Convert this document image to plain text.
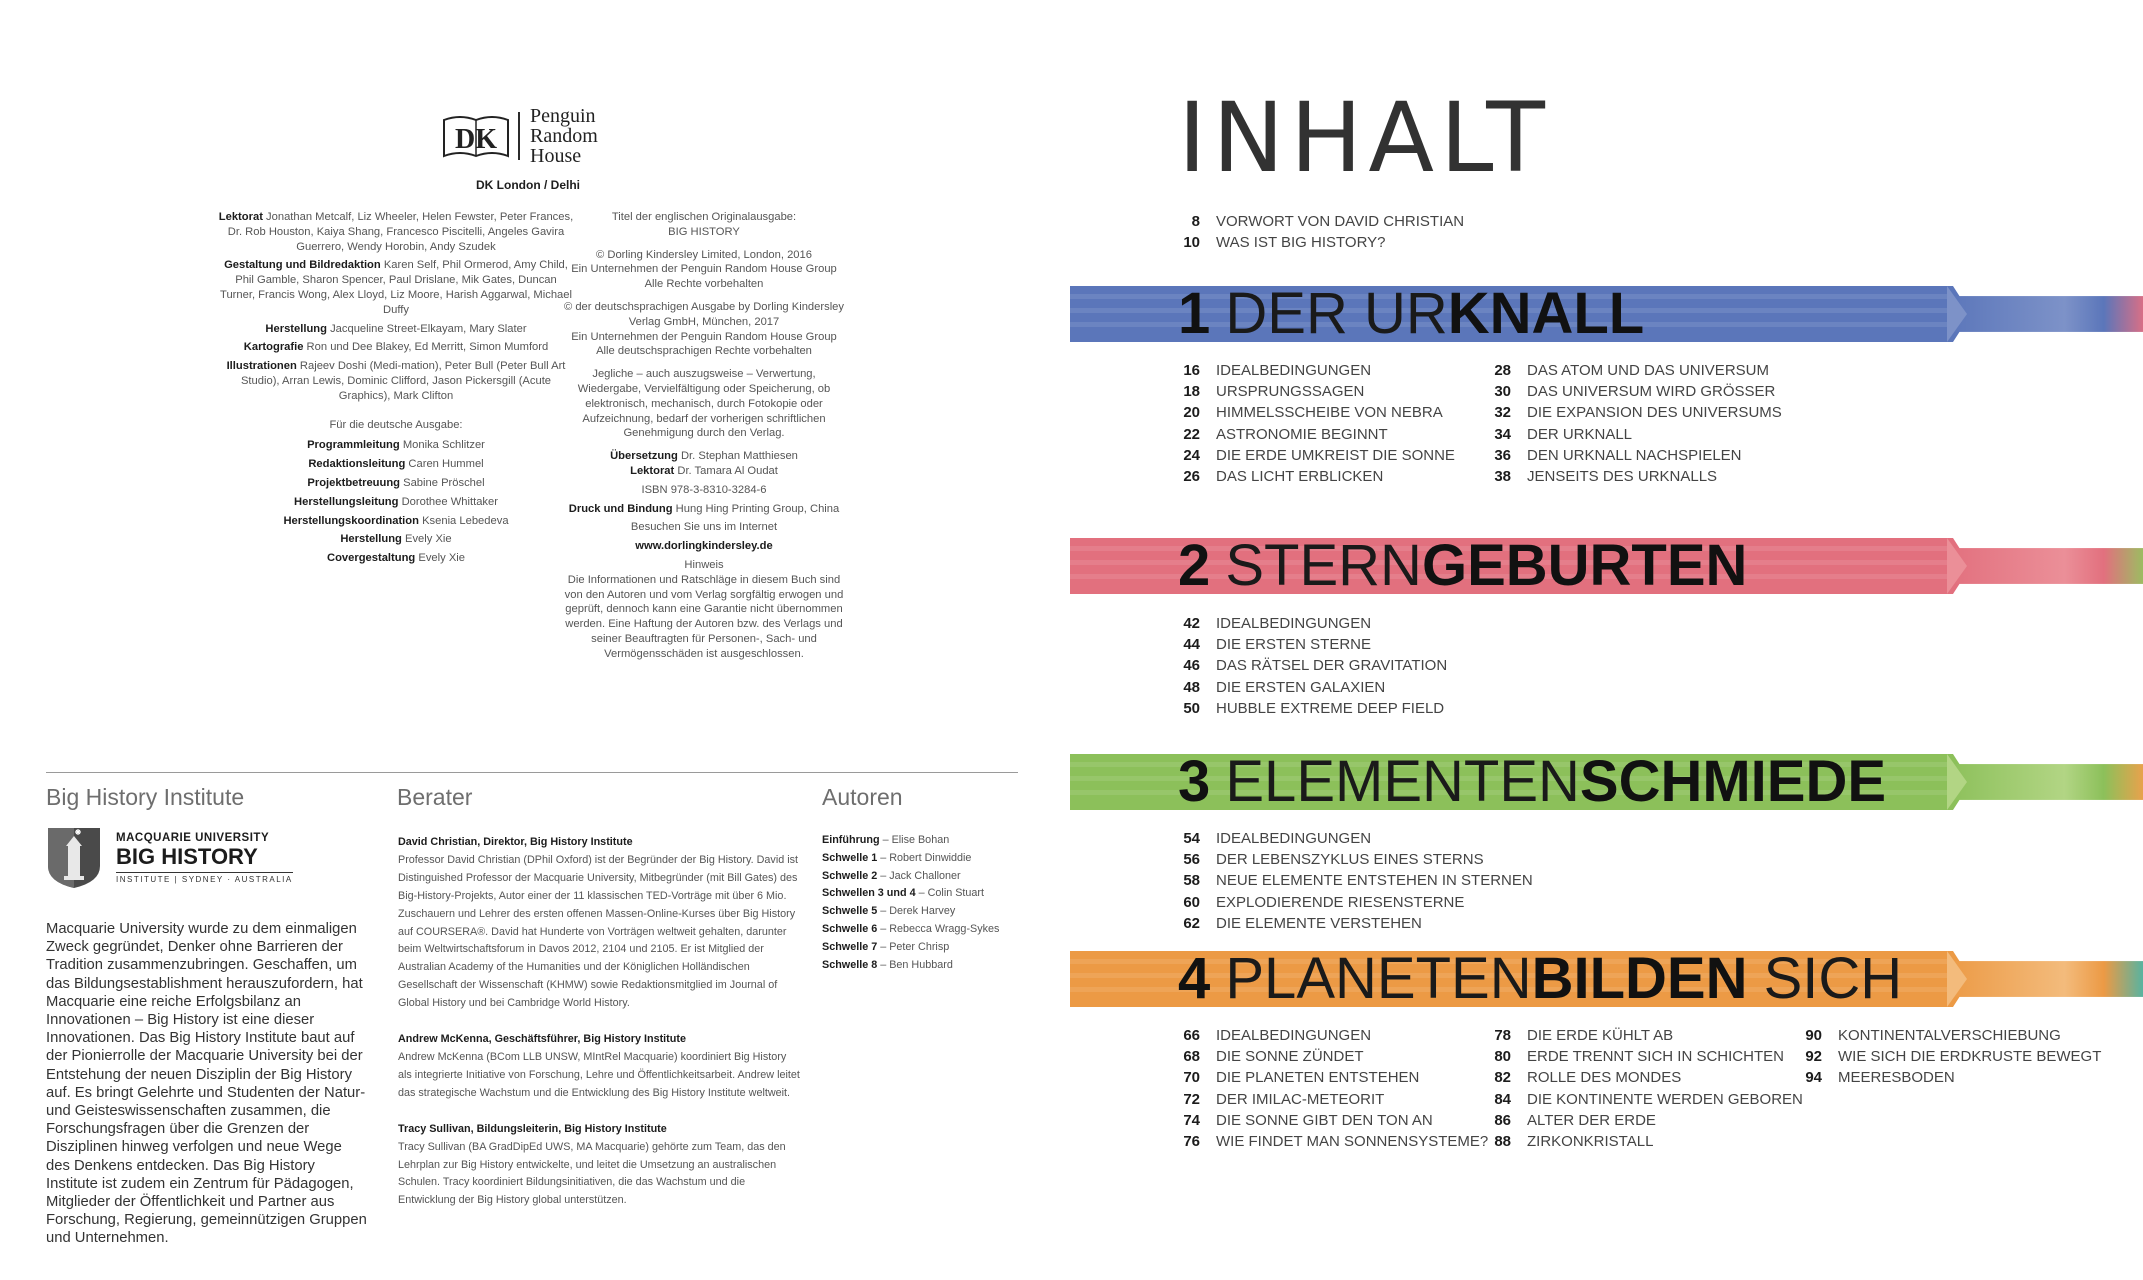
DK
Penguin
Random
House
DK London / Delhi
Lektorat Jonathan Metcalf, Liz Wheeler, Helen Fewster, Peter Frances, Dr. Rob Houston, Kaiya Shang, Francesco Piscitelli, Angeles Gavira Guerrero, Wendy Horobin, Andy Szudek
Gestaltung und Bildredaktion Karen Self, Phil Ormerod, Amy Child, Phil Gamble, Sharon Spencer, Paul Drislane, Mik Gates, Duncan Turner, Francis Wong, Alex Lloyd, Liz Moore, Harish Aggarwal, Michael Duffy
Herstellung Jacqueline Street-Elkayam, Mary Slater
Kartografie Ron und Dee Blakey, Ed Merritt, Simon Mumford
Illustrationen Rajeev Doshi (Medi-mation), Peter Bull (Peter Bull Art Studio), Arran Lewis, Dominic Clifford, Jason Pickersgill (Acute Graphics), Mark Clifton
Für die deutsche Ausgabe:
Programmleitung Monika Schlitzer
Redaktionsleitung Caren Hummel
Projektbetreuung Sabine Pröschel
Herstellungsleitung Dorothee Whittaker
Herstellungskoordination Ksenia Lebedeva
Herstellung Evely Xie
Covergestaltung Evely Xie
Titel der englischen Originalausgabe:
BIG HISTORY
© Dorling Kindersley Limited, London, 2016
Ein Unternehmen der Penguin Random House Group
Alle Rechte vorbehalten
© der deutschsprachigen Ausgabe by Dorling Kindersley
Verlag GmbH, München, 2017
Ein Unternehmen der Penguin Random House Group
Alle deutschsprachigen Rechte vorbehalten
Jegliche – auch auszugsweise – Verwertung, Wiedergabe, Vervielfältigung oder Speicherung, ob elektronisch, mechanisch, durch Fotokopie oder Aufzeichnung, bedarf der vorherigen schriftlichen Genehmigung durch den Verlag.
Übersetzung Dr. Stephan Matthiesen
Lektorat Dr. Tamara Al Oudat
ISBN 978-3-8310-3284-6
Druck und Bindung Hung Hing Printing Group, China
Besuchen Sie uns im Internet
www.dorlingkindersley.de
Hinweis
Die Informationen und Ratschläge in diesem Buch sind von den Autoren und vom Verlag sorgfältig erwogen und geprüft, dennoch kann eine Garantie nicht übernommen werden. Eine Haftung der Autoren bzw. des Verlags und seiner Beauftragten für Personen-, Sach- und Vermögensschäden ist ausgeschlossen.
Big History Institute	Berater	Autoren
MACQUARIE UNIVERSITY
BIG HISTORY
INSTITUTE | SYDNEY · AUSTRALIA
Macquarie University wurde zu dem einmaligen Zweck gegründet, Denker ohne Barrieren der Tradition zusammenzubringen. Geschaffen, um das Bildungsestablishment herauszufordern, hat Macquarie eine reiche Erfolgsbilanz an Innovationen – Big History ist eine dieser Innovationen. Das Big History Institute baut auf der Pionierrolle der Macquarie University bei der Entstehung der neuen Disziplin der Big History auf. Es bringt Gelehrte und Studenten der Natur- und Geisteswissenschaften zusammen, die Forschungsfragen über die Grenzen der Disziplinen hinweg verfolgen und neue Wege des Denkens entdecken. Das Big History Institute ist zudem ein Zentrum für Pädagogen, Mitglieder der Öffentlichkeit und Partner aus Forschung, Regierung, gemeinnützigen Gruppen und Unternehmen.
David Christian, Direktor, Big History Institute
Professor David Christian (DPhil Oxford) ist der Begründer der Big History. David ist Distinguished Professor der Macquarie University, Mitbegründer (mit Bill Gates) des Big-History-Projekts, Autor einer der 11 klassischen TED-Vorträge mit über 6 Mio. Zuschauern und Lehrer des ersten offenen Massen-Online-Kurses über Big History auf COURSERA®. David hat Hunderte von Vorträgen weltweit gehalten, darunter beim Weltwirtschaftsforum in Davos 2012, 2104 und 2105. Er ist Mitglied der Australian Academy of the Humanities und der Königlichen Holländischen Gesellschaft der Wissenschaft (KHMW) sowie Redaktionsmitglied im Journal of Global History und bei Cambridge World History.
Andrew McKenna, Geschäftsführer, Big History Institute
Andrew McKenna (BCom LLB UNSW, MIntRel Macquarie) koordiniert Big History als integrierte Initiative von Forschung, Lehre und Öffentlichkeitsarbeit. Andrew leitet das strategische Wachstum und die Entwicklung des Big History Institute weltweit.
Tracy Sullivan, Bildungsleiterin, Big History Institute
Tracy Sullivan (BA GradDipEd UWS, MA Macquarie) gehörte zum Team, das den Lehrplan zur Big History entwickelte, und leitet die Umsetzung an australischen Schulen. Tracy koordiniert Bildungsinitiativen, die das Wachstum und die Entwicklung der Big History global unterstützen.
Einführung – Elise Bohan
Schwelle 1 – Robert Dinwiddie
Schwelle 2 – Jack Challoner
Schwellen 3 und 4 – Colin Stuart
Schwelle 5 – Derek Harvey
Schwelle 6 – Rebecca Wragg-Sykes
Schwelle 7 – Peter Chrisp
Schwelle 8 – Ben Hubbard
INHALT
8 VORWORT VON DAVID CHRISTIAN
10 WAS IST BIG HISTORY?
1 DER URKNALL
16 IDEALBEDINGUNGEN
18 URSPRUNGSSAGEN
20 HIMMELSSCHEIBE VON NEBRA
22 ASTRONOMIE BEGINNT
24 DIE ERDE UMKREIST DIE SONNE
26 DAS LICHT ERBLICKEN
28 DAS ATOM UND DAS UNIVERSUM
30 DAS UNIVERSUM WIRD GRÖSSER
32 DIE EXPANSION DES UNIVERSUMS
34 DER URKNALL
36 DEN URKNALL NACHSPIELEN
38 JENSEITS DES URKNALLS
2 STERNGEBURTEN
42 IDEALBEDINGUNGEN
44 DIE ERSTEN STERNE
46 DAS RÄTSEL DER GRAVITATION
48 DIE ERSTEN GALAXIEN
50 HUBBLE EXTREME DEEP FIELD
3 ELEMENTENSCHMIEDE
54 IDEALBEDINGUNGEN
56 DER LEBENSZYKLUS EINES STERNS
58 NEUE ELEMENTE ENTSTEHEN IN STERNEN
60 EXPLODIERENDE RIESENSTERNE
62 DIE ELEMENTE VERSTEHEN
4 PLANETENBILDEN SICH
66 IDEALBEDINGUNGEN
68 DIE SONNE ZÜNDET
70 DIE PLANETEN ENTSTEHEN
72 DER IMILAC-METEORIT
74 DIE SONNE GIBT DEN TON AN
76 WIE FINDET MAN SONNENSYSTEME?
78 DIE ERDE KÜHLT AB
80 ERDE TRENNT SICH IN SCHICHTEN
82 ROLLE DES MONDES
84 DIE KONTINENTE WERDEN GEBOREN
86 ALTER DER ERDE
88 ZIRKONKRISTALL
90 KONTINENTALVERSCHIEBUNG
92 WIE SICH DIE ERDKRUSTE BEWEGT
94 MEERESBODEN
